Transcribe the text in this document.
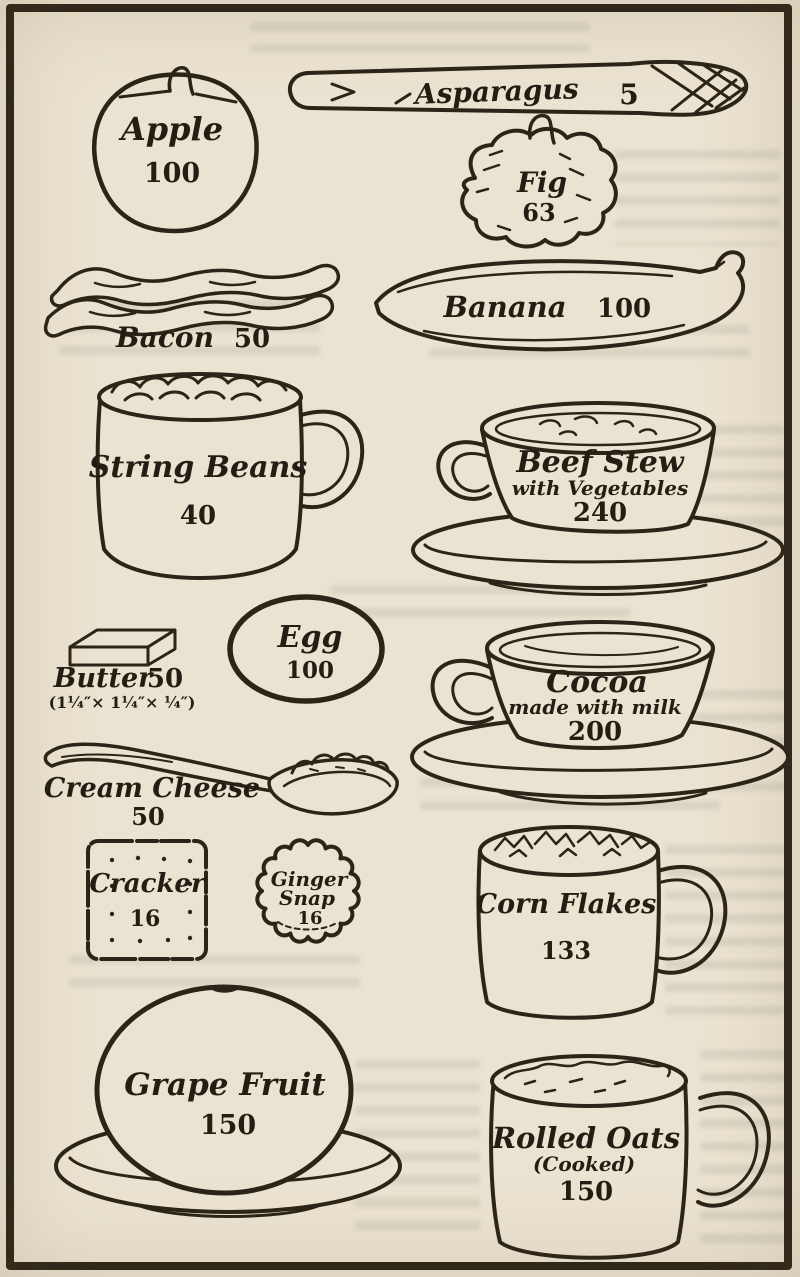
Apple
100
Asparagus 5
Fig
63
Bacon 50
Banana 100
String Beans
40
Beef Stew
with Vegetables
240
Butter
50
(1¼″× 1¼″× ¼″)
Egg
100	Cocoa
made with milk
200
Cream Cheese
50
Cracker
16
Ginger
Snap
16	Corn Flakes
133
Grape Fruit
150	Rolled Oats
(Cooked)
150
